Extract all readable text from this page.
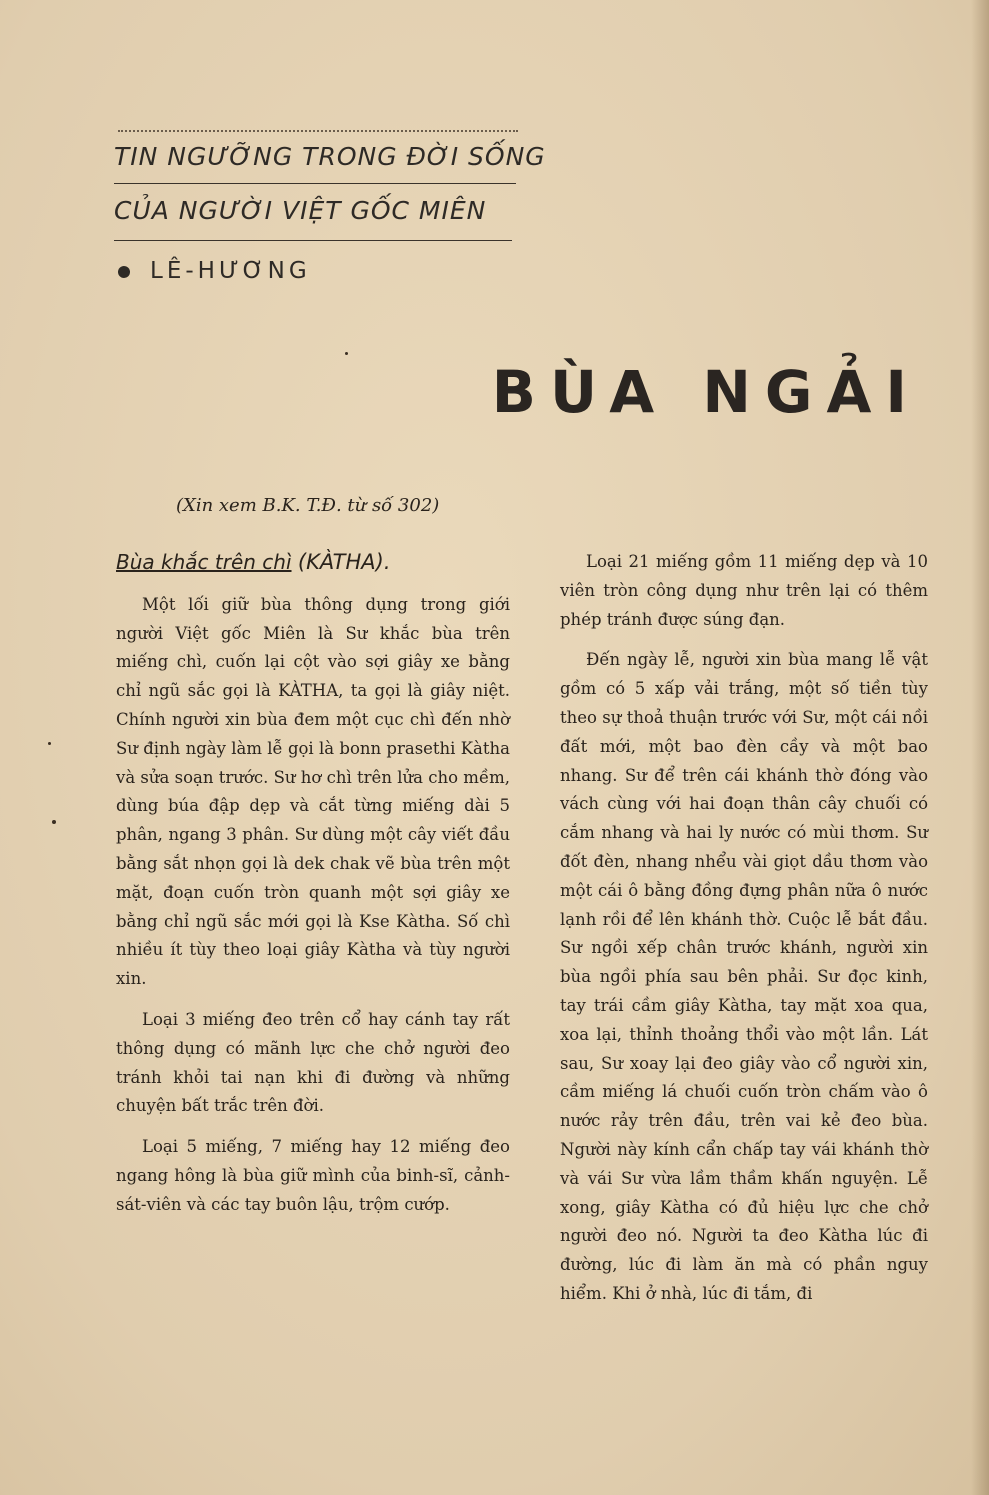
TIN NGƯỠNG TRONG ĐỜI SỐNG
CỦA NGƯỜI VIỆT GỐC MIÊN
LÊ-HƯƠNG
BÙA NGẢI
(Xin xem B.K. T.Đ. từ số 302)
Bùa khắc trên chì (KÀTHA).

Một lối giữ bùa thông dụng trong giới người Việt gốc Miên là Sư khắc bùa trên miếng chì, cuốn lại cột vào sợi giây xe bằng chỉ ngũ sắc gọi là KÀTHA, ta gọi là giây niệt. Chính người xin bùa đem một cục chì đến nhờ Sư định ngày làm lễ gọi là bonn prasethi Kàtha và sửa soạn trước. Sư hơ chì trên lửa cho mềm, dùng búa đập dẹp và cắt từng miếng dài 5 phân, ngang 3 phân. Sư dùng một cây viết đầu bằng sắt nhọn gọi là dek chak vẽ bùa trên một mặt, đoạn cuốn tròn quanh một sợi giây xe bằng chỉ ngũ sắc mới gọi là Kse Kàtha. Số chì nhiều ít tùy theo loại giây Kàtha và tùy người xin.

Loại 3 miếng đeo trên cổ hay cánh tay rất thông dụng có mãnh lực che chở người đeo tránh khỏi tai nạn khi đi đường và những chuyện bất trắc trên đời.

Loại 5 miếng, 7 miếng hay 12 miếng đeo ngang hông là bùa giữ mình của binh-sĩ, cảnh-sát-viên và các tay buôn lậu, trộm cướp.

Loại 21 miếng gồm 11 miếng dẹp và 10 viên tròn công dụng như trên lại có thêm phép tránh được súng đạn.

Đến ngày lễ, người xin bùa mang lễ vật gồm có 5 xấp vải trắng, một số tiền tùy theo sự thoả thuận trước với Sư, một cái nồi đất mới, một bao đèn cầy và một bao nhang. Sư để trên cái khánh thờ đóng vào vách cùng với hai đoạn thân cây chuối có cắm nhang và hai ly nước có mùi thơm. Sư đốt đèn, nhang nhểu vài giọt dầu thơm vào một cái ô bằng đồng đựng phân nữa ô nước lạnh rồi để lên khánh thờ. Cuộc lễ bắt đầu. Sư ngồi xếp chân trước khánh, người xin bùa ngồi phía sau bên phải. Sư đọc kinh, tay trái cầm giây Kàtha, tay mặt xoa qua, xoa lại, thỉnh thoảng thổi vào một lần. Lát sau, Sư xoay lại đeo giây vào cổ người xin, cầm miếng lá chuối cuốn tròn chấm vào ô nước rảy trên đầu, trên vai kẻ đeo bùa. Người này kính cẩn chấp tay vái khánh thờ và vái Sư vừa lầm thầm khấn nguyện. Lễ xong, giây Kàtha có đủ hiệu lực che chở người đeo nó. Người ta đeo Kàtha lúc đi đường, lúc đi làm ăn mà có phần nguy hiểm. Khi ở nhà, lúc đi tắm, đi
